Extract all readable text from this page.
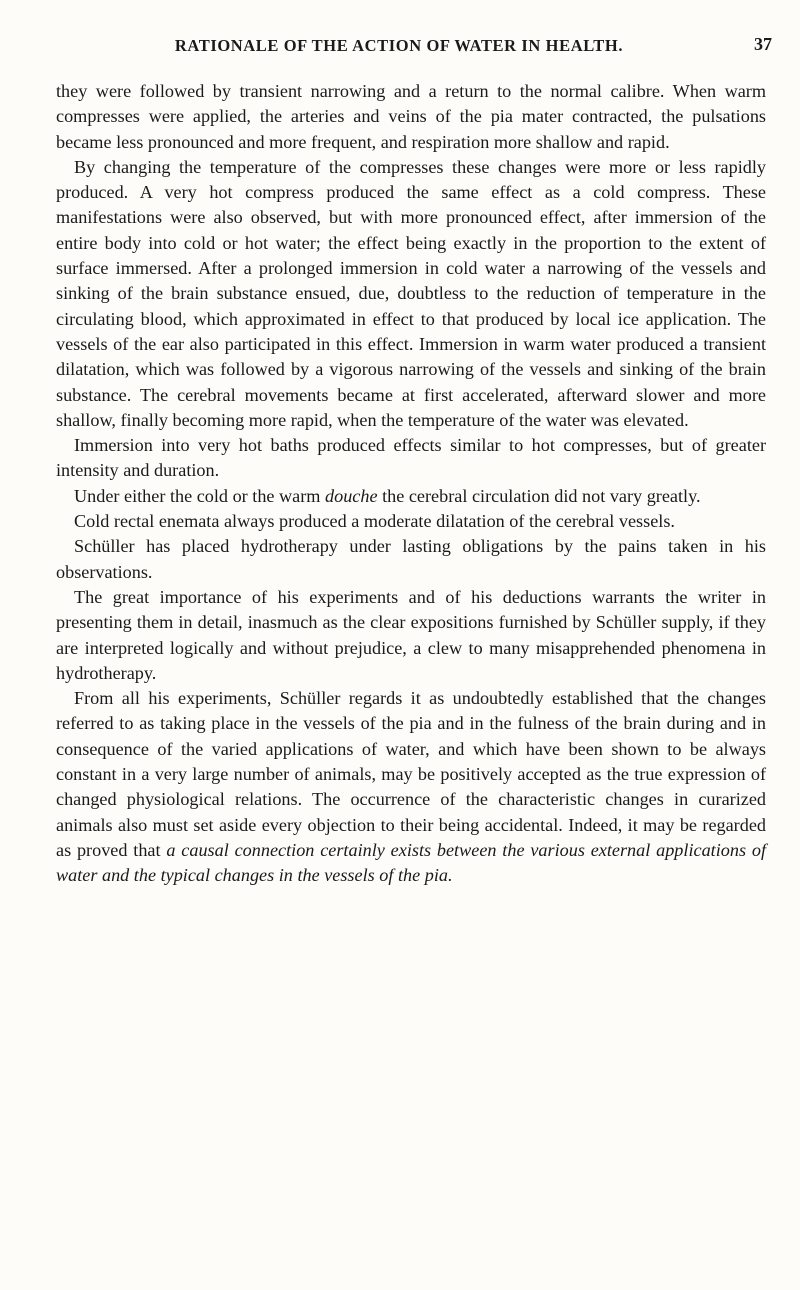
RATIONALE OF THE ACTION OF WATER IN HEALTH.	37

they were followed by transient narrowing and a return to the normal calibre. When warm compresses were applied, the arteries and veins of the pia mater contracted, the pulsations became less pronounced and more frequent, and respiration more shallow and rapid.

By changing the temperature of the compresses these changes were more or less rapidly produced. A very hot compress produced the same effect as a cold compress. These manifestations were also observed, but with more pronounced effect, after immersion of the entire body into cold or hot water; the effect being exactly in the proportion to the extent of surface immersed. After a prolonged immersion in cold water a narrowing of the vessels and sinking of the brain substance ensued, due, doubtless to the reduction of temperature in the circulating blood, which approximated in effect to that produced by local ice application. The vessels of the ear also participated in this effect. Immersion in warm water produced a transient dilatation, which was followed by a vigorous narrowing of the vessels and sinking of the brain substance. The cerebral movements became at first accelerated, afterward slower and more shallow, finally becoming more rapid, when the temperature of the water was elevated.

Immersion into very hot baths produced effects similar to hot compresses, but of greater intensity and duration.

Under either the cold or the warm douche the cerebral circulation did not vary greatly.

Cold rectal enemata always produced a moderate dilatation of the cerebral vessels.

Schüller has placed hydrotherapy under lasting obligations by the pains taken in his observations.

The great importance of his experiments and of his deductions warrants the writer in presenting them in detail, inasmuch as the clear expositions furnished by Schüller supply, if they are interpreted logically and without prejudice, a clew to many misapprehended phenomena in hydrotherapy.

From all his experiments, Schüller regards it as undoubtedly established that the changes referred to as taking place in the vessels of the pia and in the fulness of the brain during and in consequence of the varied applications of water, and which have been shown to be always constant in a very large number of animals, may be positively accepted as the true expression of changed physiological relations. The occurrence of the characteristic changes in curarized animals also must set aside every objection to their being accidental. Indeed, it may be regarded as proved that a causal connection certainly exists between the various external applications of water and the typical changes in the vessels of the pia.
